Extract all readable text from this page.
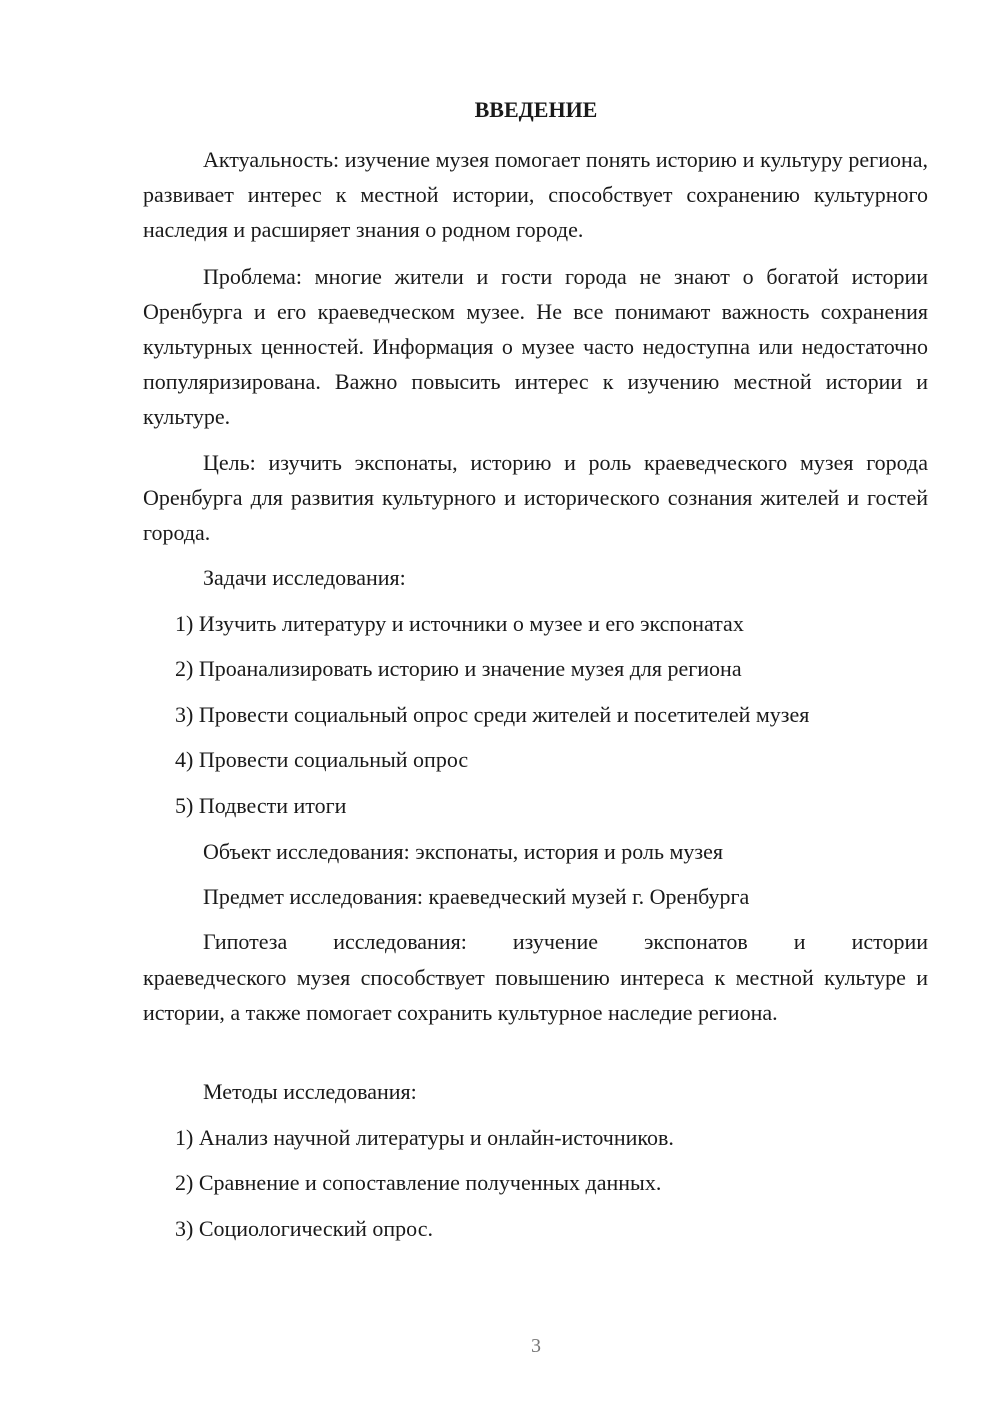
ВВЕДЕНИЕ

Актуальность: изучение музея помогает понять историю и культуру региона, развивает интерес к местной истории, способствует сохранению культурного наследия и расширяет знания о родном городе.

Проблема: многие жители и гости города не знают о богатой истории Оренбурга и его краеведческом музее. Не все понимают важность сохранения культурных ценностей. Информация о музее часто недоступна или недостаточно популяризирована. Важно повысить интерес к изучению местной истории и культуре.

Цель: изучить экспонаты, историю и роль краеведческого музея города Оренбурга для развития культурного и исторического сознания жителей и гостей города.

Задачи исследования:
1) Изучить литературу и источники о музее и его экспонатах
2) Проанализировать историю и значение музея для региона
3) Провести социальный опрос среди жителей и посетителей музея
4) Провести социальный опрос
5) Подвести итоги
Объект исследования: экспонаты, история и роль музея
Предмет исследования: краеведческий музей г. Оренбурга
Гипотеза исследования: изучение экспонатов и истории

краеведческого музея способствует повышению интереса к местной культуре и истории, а также помогает сохранить культурное наследие региона.

Методы исследования:
1) Анализ научной литературы и онлайн-источников.
2) Сравнение и сопоставление полученных данных.
3) Социологический опрос.
3
